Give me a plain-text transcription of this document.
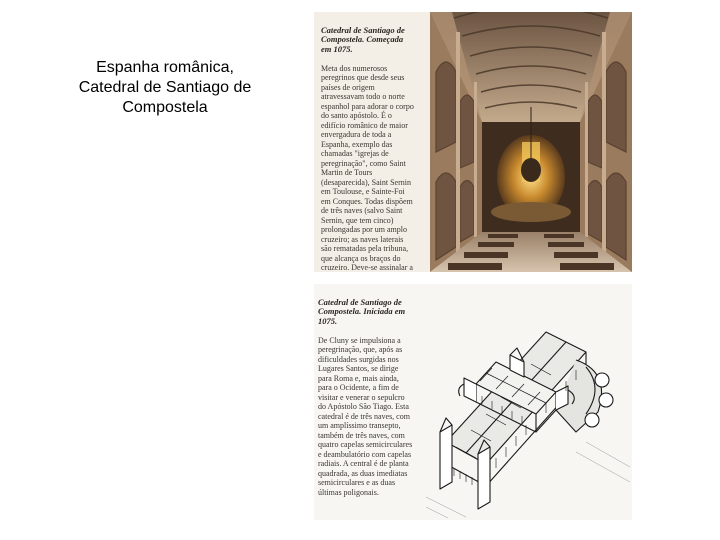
Espanha românica,
Catedral de Santiago de
Compostela

Catedral de Santiago de
Compostela. Começada
em 1075.

Meta dos numerosos
peregrinos que desde seus
países de origem
atravessavam todo o norte
espanhol para adorar o corpo
do santo apóstolo. É o
edifício românico de maior
envergadura de toda a
Espanha, exemplo das
chamadas "igrejas de
peregrinação", como Saint
Martin de Tours
(desaparecida), Saint Sernin
em Toulouse, e Sainte-Foi
em Conques. Todas dispõem
de três naves (salvo Saint
Sernin, que tem cinco)
prolongadas por um amplo
cruzeiro; as naves laterais
são rematadas pela tribuna,
que alcança os braços do
cruzeiro. Deve-se assinalar a

Catedral de Santiago de
Compostela. Iniciada em
1075.

De Cluny se impulsiona a
peregrinação, que, após as
dificuldades surgidas nos
Lugares Santos, se dirige
para Roma e, mais ainda,
para o Ocidente, a fim de
visitar e venerar o sepulcro
do Apóstolo São Tiago. Esta
catedral é de três naves, com
um amplíssimo transepto,
também de três naves, com
quatro capelas semicirculares
e deambulatório com capelas
radiais. A central é de planta
quadrada, as duas imediatas
semicirculares e as duas
últimas poligonais.
